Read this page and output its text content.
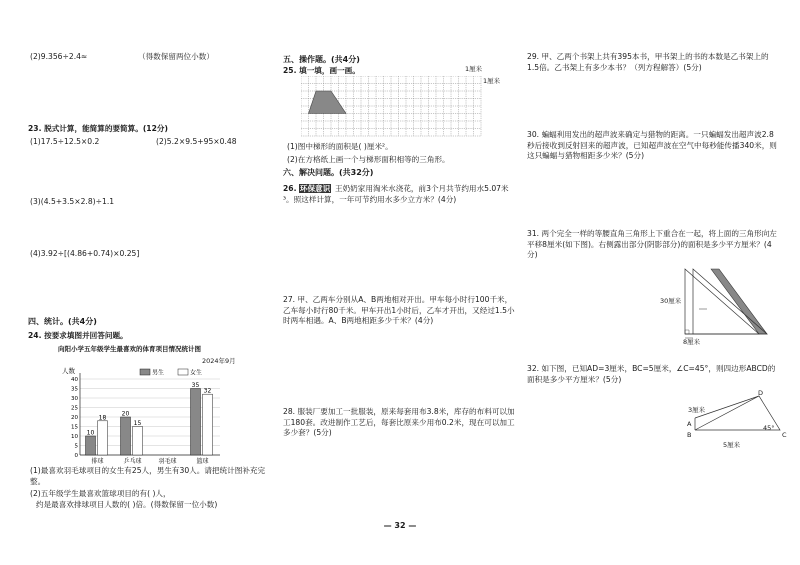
(2)9.356÷2.4≈	（得数保留两位小数）
23. 脱式计算，能简算的要简算。(12分)
(1)17.5÷12.5×0.2	(2)5.2×9.5+95×0.48
(3)(4.5+3.5×2.8)÷1.1
(4)3.92÷[(4.86+0.74)×0.25]
四、统计。(共4分)
24. 按要求填图并回答问题。
向阳小学五年级学生最喜欢的体育项目情况统计图
2024年9月
人数
0
5
10
15
20
25
30
35
40
10
18
排球
20
15
乒乓球	羽毛球
35
32
篮球
男生	女生
(1)最喜欢羽毛球项目的女生有25人，男生有30人。请把统计图补充完整。
(2)五年级学生最喜欢篮球项目的有( )人，
约是最喜欢排球项目人数的( )倍。(得数保留一位小数)
五、操作题。(共4分)
25. 填一填，画一画。	1厘米
1厘米
(1)图中梯形的面积是( )厘米²。
(2)在方格纸上画一个与梯形面积相等的三角形。
六、解决问题。(共32分)
26. 环保意识 王奶奶家用淘米水浇花，前3个月共节约用水5.07米³。照这样计算，一年可节约用水多少立方米？(4分)
27. 甲、乙两车分别从A、B两地相对开出。甲车每小时行100千米，乙车每小时行80千米。甲车开出1小时后，乙车才开出，又经过1.5小时两车相遇。A、B两地相距多少千米？(4分)
28. 服装厂要加工一批服装，原来每套用布3.8米，库存的布料可以加工180套。改进制作工艺后，每套比原来少用布0.2米，现在可以加工多少套？(5分)
29. 甲、乙两个书架上共有395本书，甲书架上的书的本数是乙书架上的1.5倍。乙书架上有多少本书？（列方程解答）(5分)
30. 蝙蝠利用发出的超声波来确定与猎物的距离。一只蝙蝠发出超声波2.8秒后接收到反射回来的超声波，已知超声波在空气中每秒能传播340米，则这只蝙蝠与猎物相距多少米？(5分)
31. 两个完全一样的等腰直角三角形上下重合在一起，将上面的三角形向左平移8厘米(如下图)。右侧露出部分(阴影部分)的面积是多少平方厘米？(4分)
30厘米
8厘米
32. 如下图，已知AD=3厘米，BC=5厘米，∠C=45°，则四边形ABCD的面积是多少平方厘米？(5分)
3厘米
5厘米
45°
A
B	C
D
— 32 —
